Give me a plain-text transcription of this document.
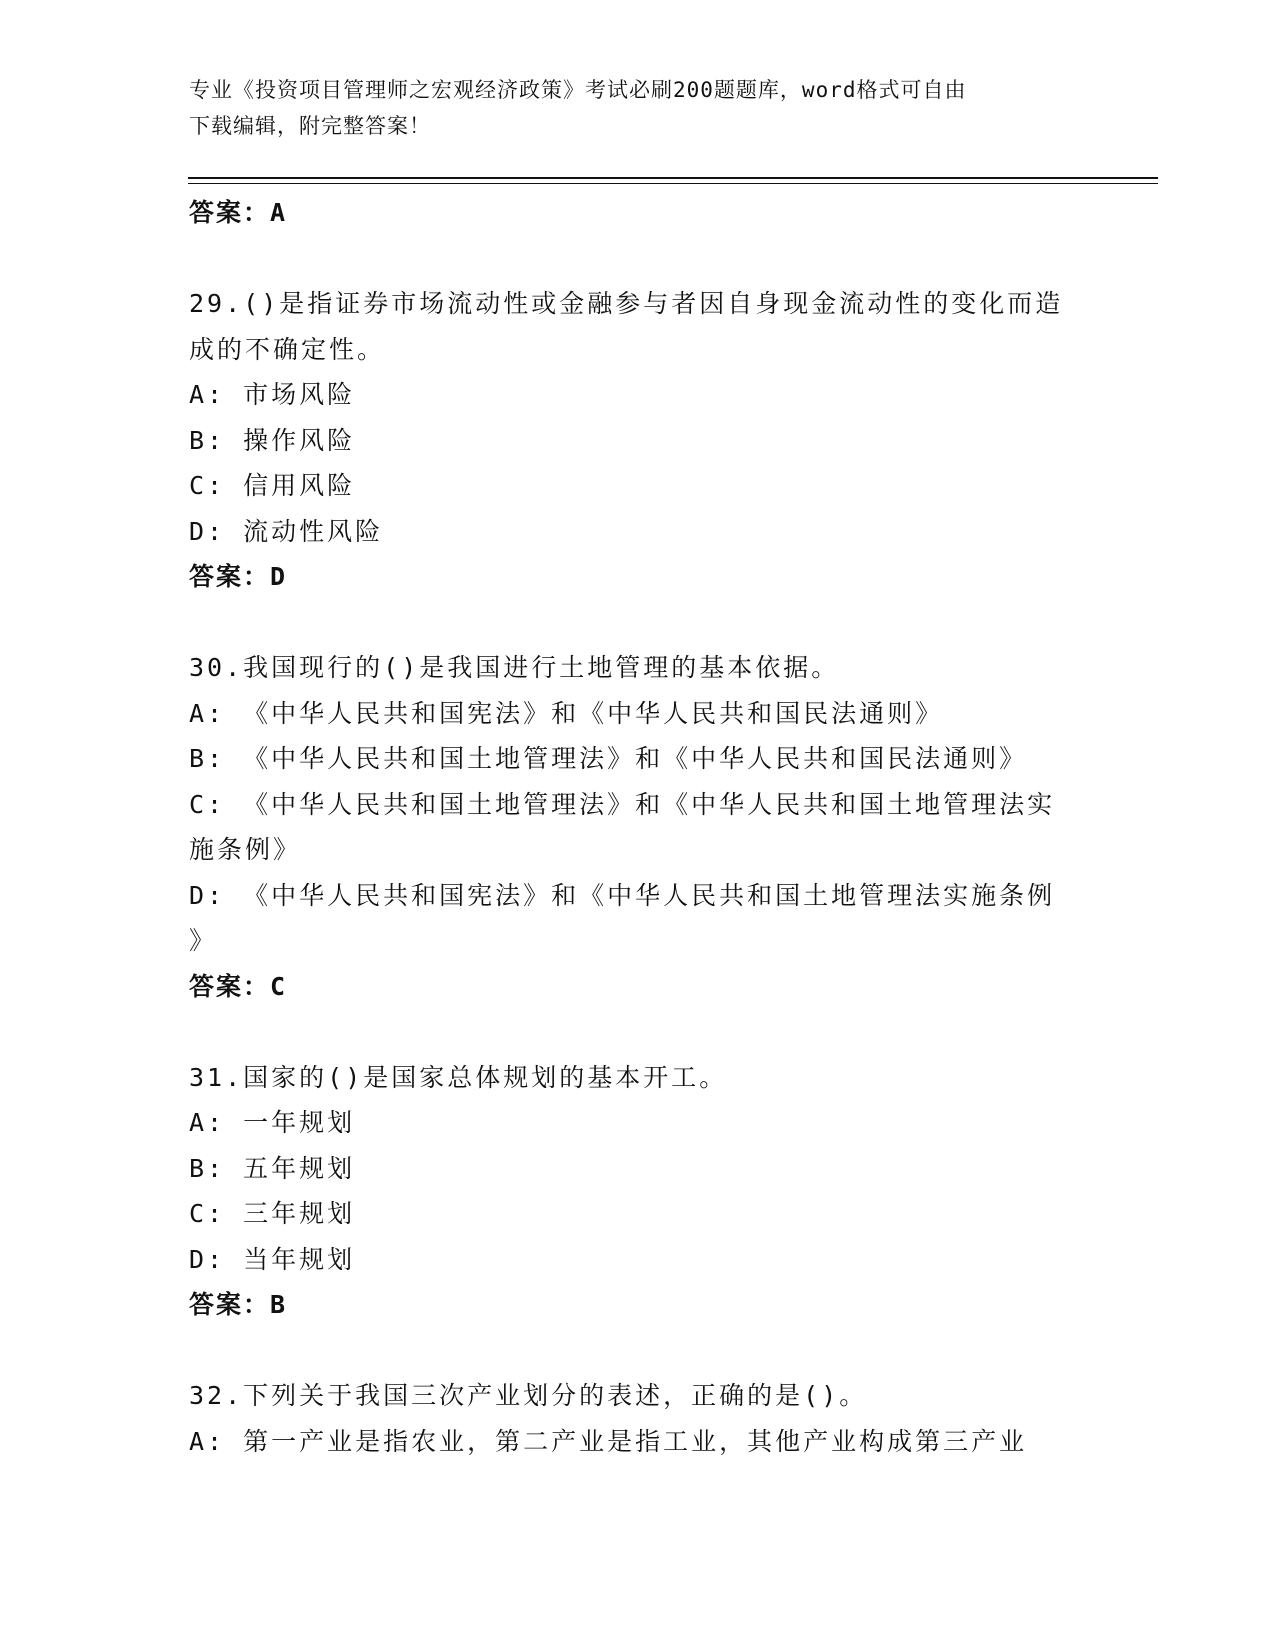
专业《投资项目管理师之宏观经济政策》考试必刷200题题库，word格式可自由
下载编辑，附完整答案！
答案：A
29.()是指证券市场流动性或金融参与者因自身现金流动性的变化而造
成的不确定性。
A: 市场风险
B: 操作风险
C: 信用风险
D: 流动性风险
答案：D
30.我国现行的()是我国进行土地管理的基本依据。
A: 《中华人民共和国宪法》和《中华人民共和国民法通则》
B: 《中华人民共和国土地管理法》和《中华人民共和国民法通则》
C: 《中华人民共和国土地管理法》和《中华人民共和国土地管理法实
施条例》
D: 《中华人民共和国宪法》和《中华人民共和国土地管理法实施条例
》
答案：C
31.国家的()是国家总体规划的基本开工。
A: 一年规划
B: 五年规划
C: 三年规划
D: 当年规划
答案：B
32.下列关于我国三次产业划分的表述，正确的是()。
A: 第一产业是指农业，第二产业是指工业，其他产业构成第三产业
